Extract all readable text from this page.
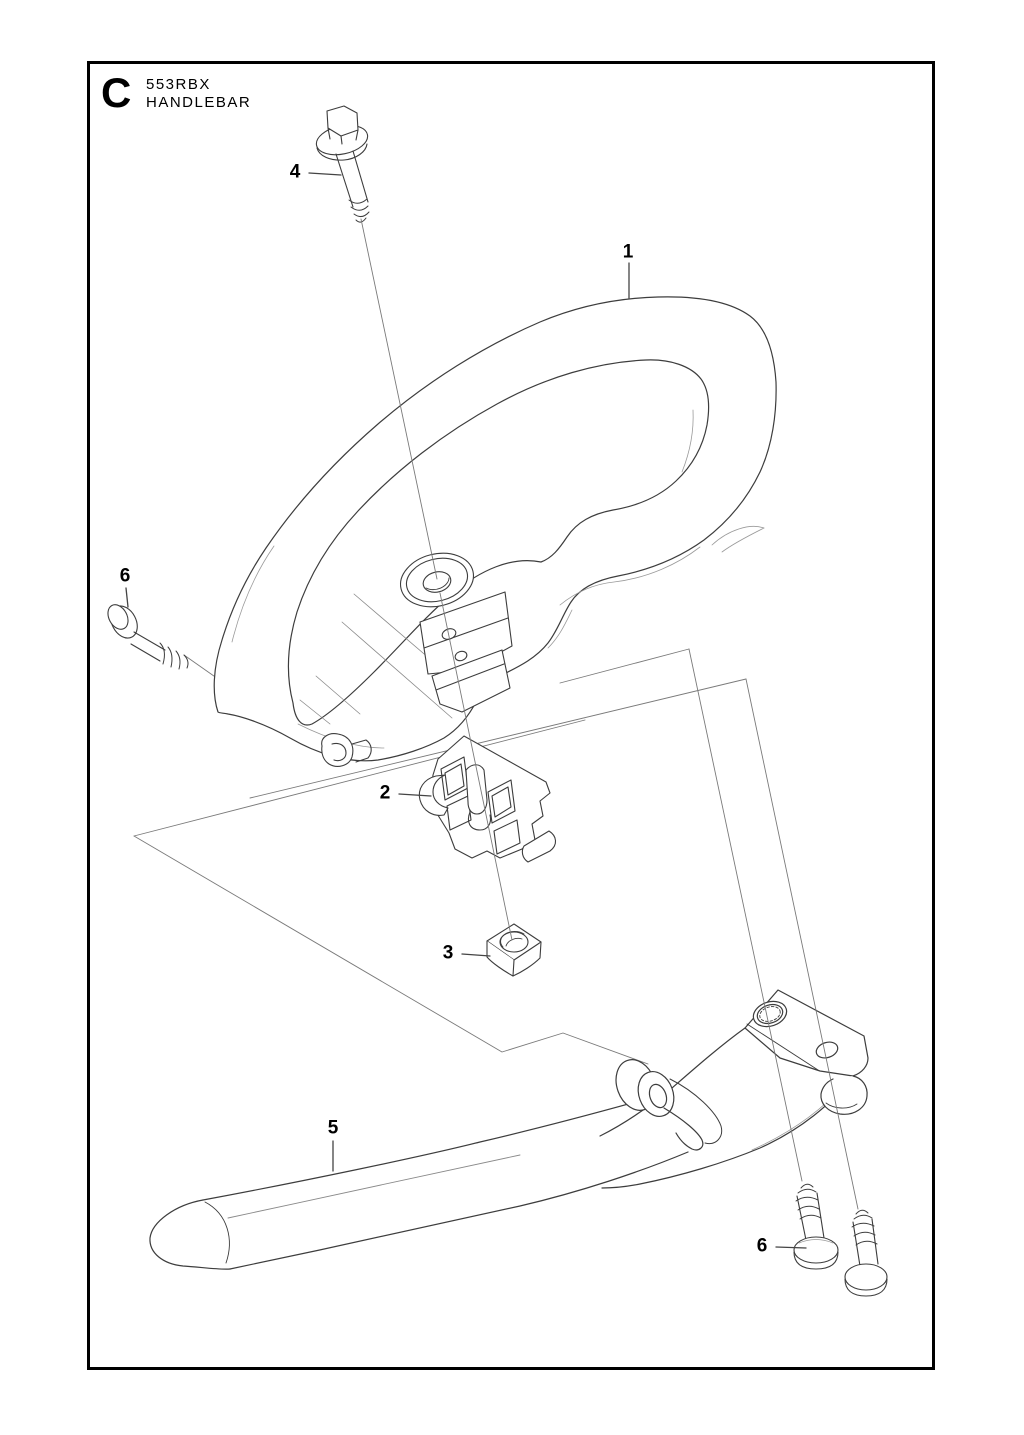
C 553RBX
HANDLEBAR
1
2
3
4
5
6
6
